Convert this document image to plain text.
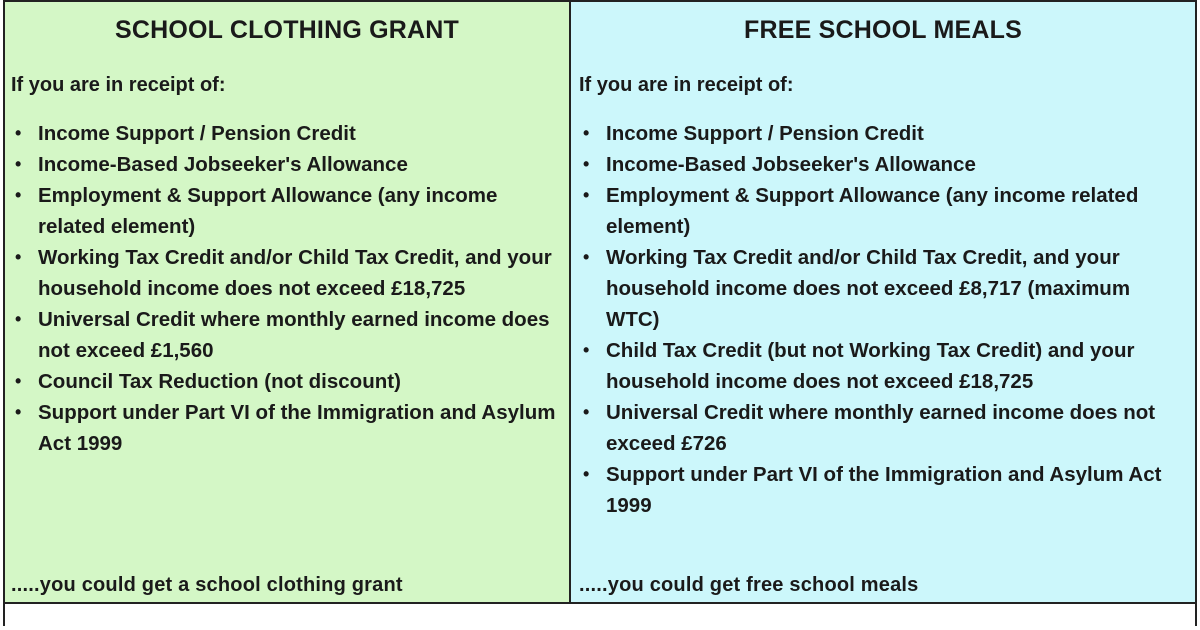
SCHOOL CLOTHING GRANT
If you are in receipt of:
• Income Support / Pension Credit
• Income-Based Jobseeker's Allowance
• Employment & Support Allowance (any income related element)
• Working Tax Credit and/or Child Tax Credit, and your household income does not exceed £18,725
• Universal Credit where monthly earned income does not exceed £1,560
• Council Tax Reduction (not discount)
• Support under Part VI of the Immigration and Asylum Act 1999
.....you could get a school clothing grant
FREE SCHOOL MEALS
If you are in receipt of:
• Income Support / Pension Credit
• Income-Based Jobseeker's Allowance
• Employment & Support Allowance (any income related element)
• Working Tax Credit and/or Child Tax Credit, and your household income does not exceed £8,717 (maximum WTC)
• Child Tax Credit (but not Working Tax Credit) and your household income does not exceed £18,725
• Universal Credit where monthly earned income does not exceed £726
• Support under Part VI of the Immigration and Asylum Act 1999
.....you could get free school meals
